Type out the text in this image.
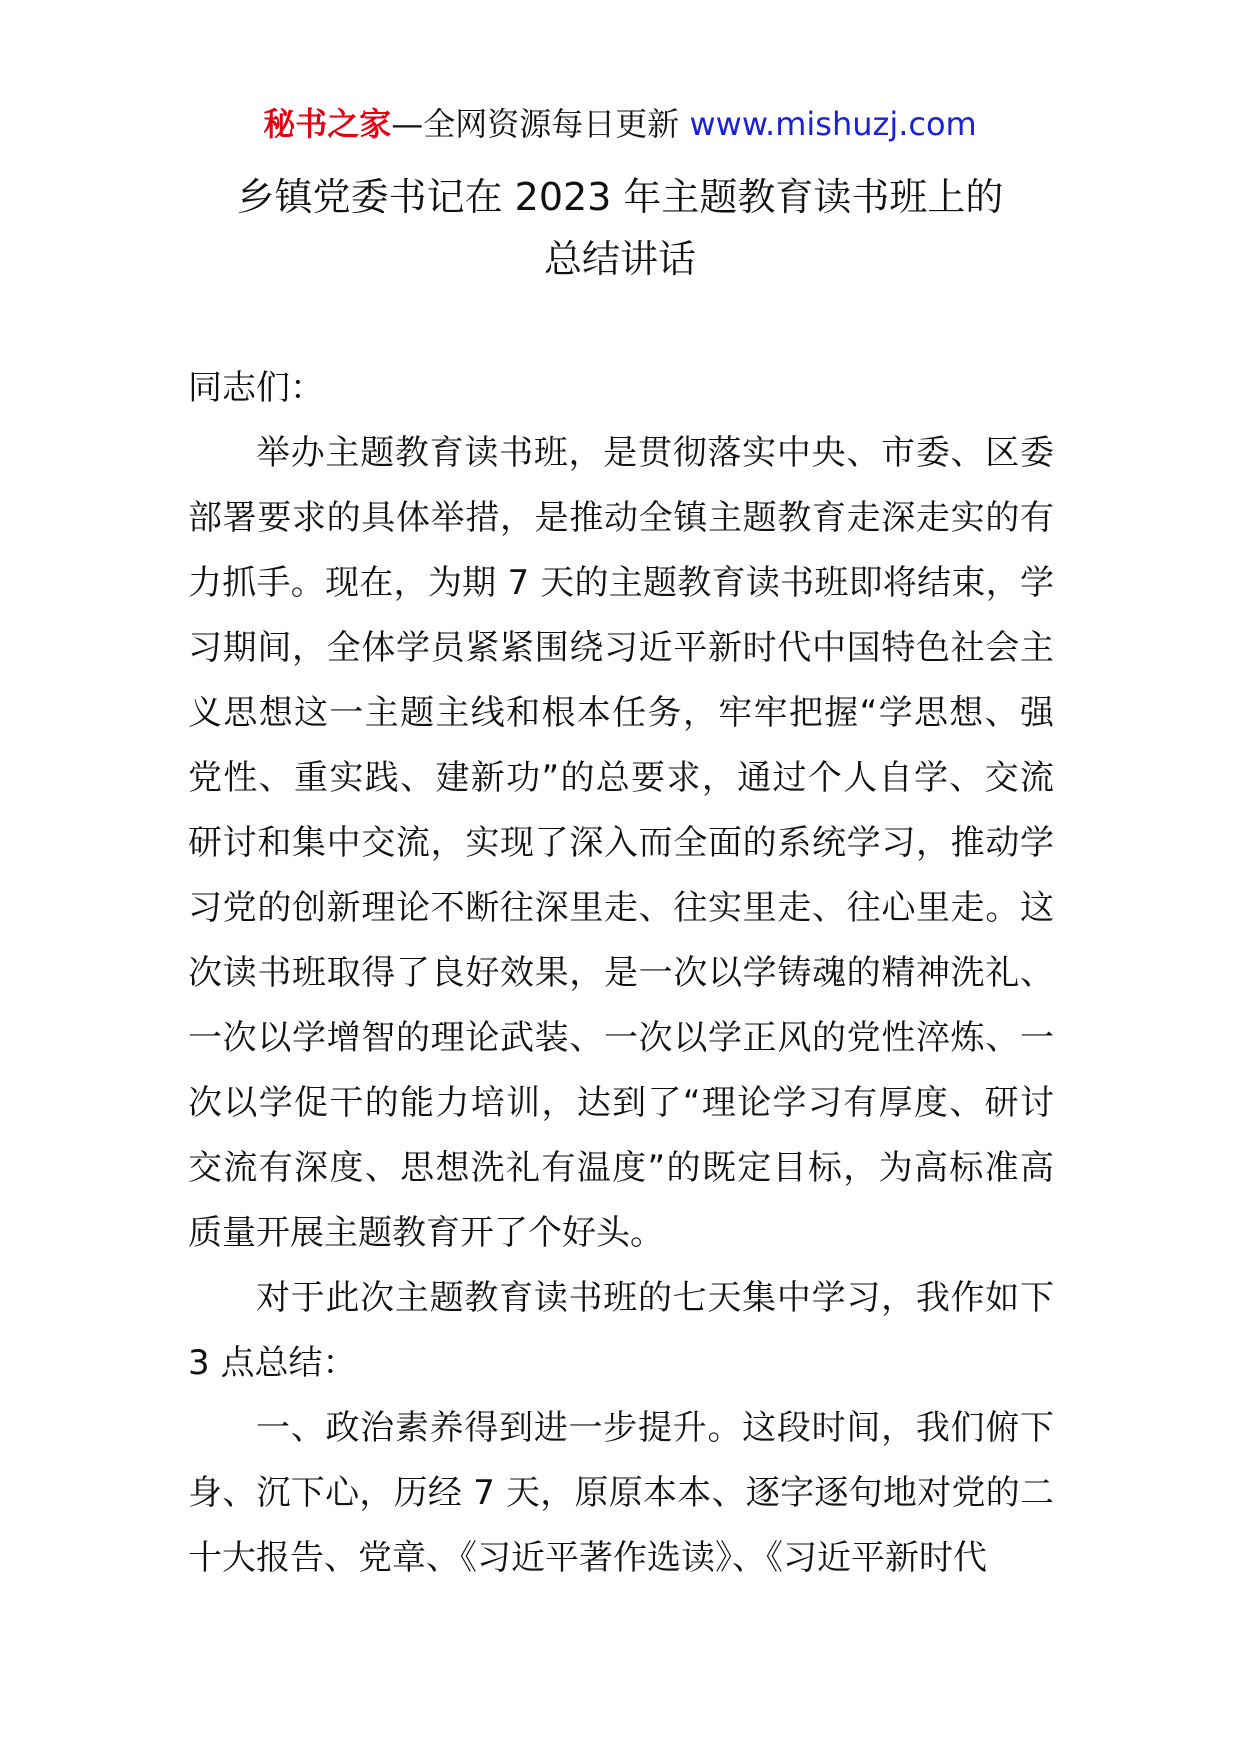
秘书之家—全网资源每日更新 www.mishuzj.com
乡镇党委书记在 2023 年主题教育读书班上的
总结讲话

同志们：

举办主题教育读书班，是贯彻落实中央、市委、区委部署要求的具体举措，是推动全镇主题教育走深走实的有力抓手。现在，为期 7 天的主题教育读书班即将结束，学习期间，全体学员紧紧围绕习近平新时代中国特色社会主义思想这一主题主线和根本任务，牢牢把握“学思想、强党性、重实践、建新功”的总要求，通过个人自学、交流研讨和集中交流，实现了深入而全面的系统学习，推动学习党的创新理论不断往深里走、往实里走、往心里走。这次读书班取得了良好效果，是一次以学铸魂的精神洗礼、一次以学增智的理论武装、一次以学正风的党性淬炼、一次以学促干的能力培训，达到了“理论学习有厚度、研讨交流有深度、思想洗礼有温度”的既定目标，为高标准高质量开展主题教育开了个好头。

对于此次主题教育读书班的七天集中学习，我作如下 3 点总结：

一、政治素养得到进一步提升。这段时间，我们俯下身、沉下心，历经 7 天，原原本本、逐字逐句地对党的二十大报告、党章、《习近平著作选读》、《习近平新时代
